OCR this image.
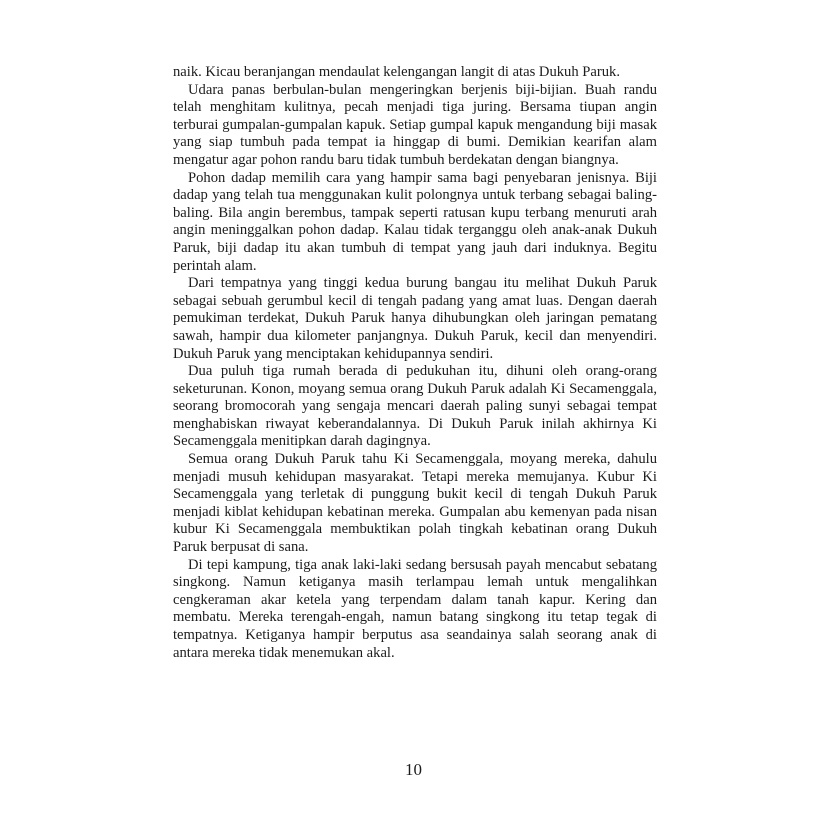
naik. Kicau beranjangan mendaulat kelengangan langit di atas Dukuh Paruk.

Udara panas berbulan-bulan mengeringkan berjenis biji-bijian. Buah randu telah menghitam kulitnya, pecah menjadi tiga juring. Bersama tiupan angin terburai gumpalan-gumpalan kapuk. Setiap gumpal kapuk mengandung biji masak yang siap tumbuh pada tempat ia hinggap di bumi. Demikian kearifan alam mengatur agar pohon randu baru tidak tumbuh berdekatan dengan biangnya.

Pohon dadap memilih cara yang hampir sama bagi penyebaran jenisnya. Biji dadap yang telah tua menggunakan kulit polongnya untuk terbang sebagai baling-baling. Bila angin berembus, tampak seperti ratusan kupu terbang menuruti arah angin meninggalkan pohon dadap. Kalau tidak terganggu oleh anak-anak Dukuh Paruk, biji dadap itu akan tumbuh di tempat yang jauh dari induknya. Begitu perintah alam.

Dari tempatnya yang tinggi kedua burung bangau itu melihat Dukuh Paruk sebagai sebuah gerumbul kecil di tengah padang yang amat luas. Dengan daerah pemukiman terdekat, Dukuh Paruk hanya dihubungkan oleh jaringan pematang sawah, hampir dua kilometer panjangnya. Dukuh Paruk, kecil dan menyendiri. Dukuh Paruk yang menciptakan kehidupannya sendiri.

Dua puluh tiga rumah berada di pedukuhan itu, dihuni oleh orang-orang seketurunan. Konon, moyang semua orang Dukuh Paruk adalah Ki Secamenggala, seorang bromocorah yang sengaja mencari daerah paling sunyi sebagai tempat menghabiskan riwayat keberandalannya. Di Dukuh Paruk inilah akhirnya Ki Secamenggala menitipkan darah dagingnya.

Semua orang Dukuh Paruk tahu Ki Secamenggala, moyang mereka, dahulu menjadi musuh kehidupan masyarakat. Tetapi mereka memujanya. Kubur Ki Secamenggala yang terletak di punggung bukit kecil di tengah Dukuh Paruk menjadi kiblat kehidupan kebatinan mereka. Gumpalan abu kemenyan pada nisan kubur Ki Secamenggala membuktikan polah tingkah kebatinan orang Dukuh Paruk berpusat di sana.

Di tepi kampung, tiga anak laki-laki sedang bersusah payah mencabut sebatang singkong. Namun ketiganya masih terlampau lemah untuk mengalihkan cengkeraman akar ketela yang terpendam dalam tanah kapur. Kering dan membatu. Mereka terengah-engah, namun batang singkong itu tetap tegak di tempatnya. Ketiganya hampir berputus asa seandainya salah seorang anak di antara mereka tidak menemukan akal.

10
